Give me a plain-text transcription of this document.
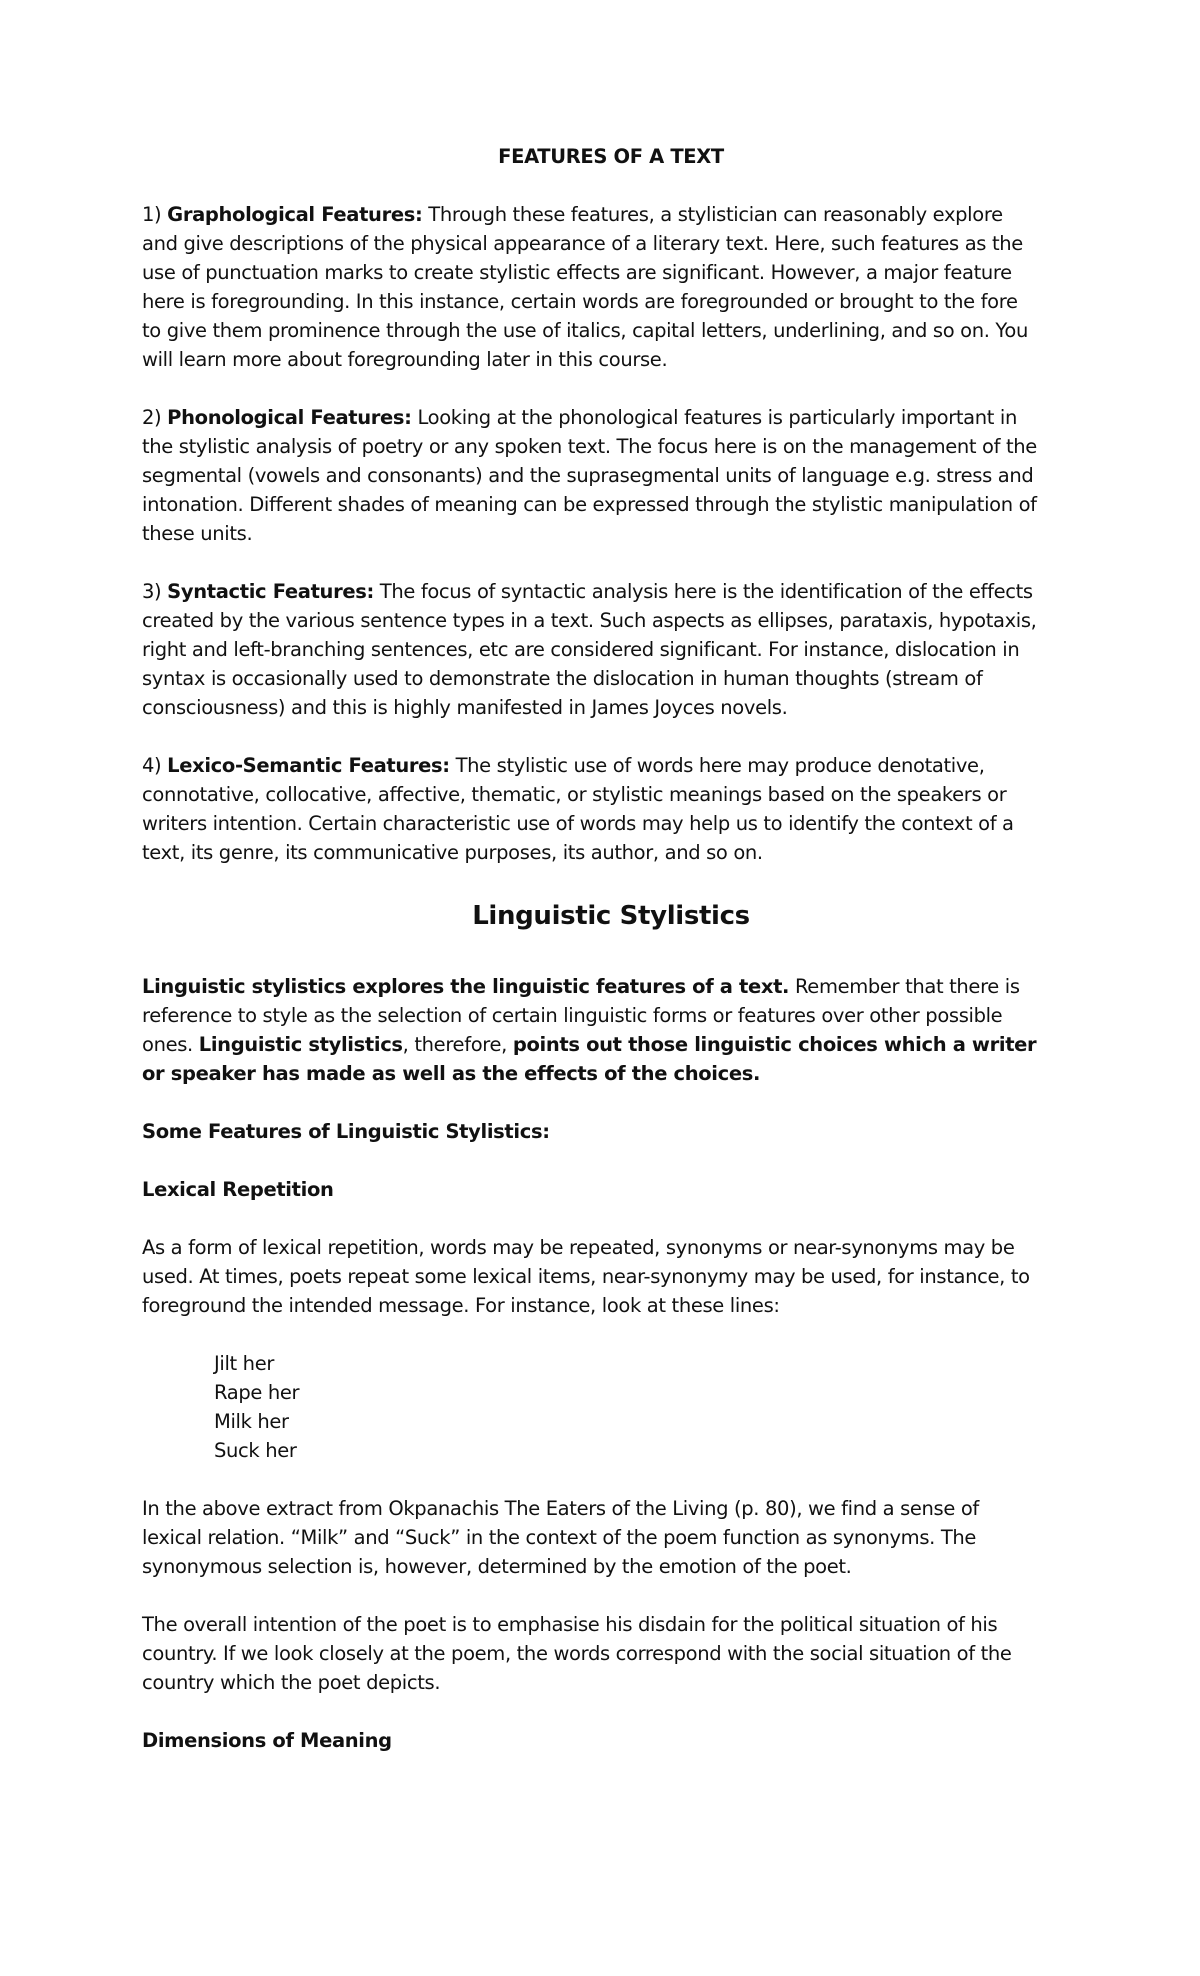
FEATURES OF A TEXT

1) Graphological Features: Through these features, a stylistician can reasonably explore and give descriptions of the physical appearance of a literary text. Here, such features as the use of punctuation marks to create stylistic effects are significant. However, a major feature here is foregrounding. In this instance, certain words are foregrounded or brought to the fore to give them prominence through the use of italics, capital letters, underlining, and so on. You will learn more about foregrounding later in this course.

2) Phonological Features: Looking at the phonological features is particularly important in the stylistic analysis of poetry or any spoken text. The focus here is on the management of the segmental (vowels and consonants) and the suprasegmental units of language e.g. stress and intonation. Different shades of meaning can be expressed through the stylistic manipulation of these units.

3) Syntactic Features: The focus of syntactic analysis here is the identification of the effects created by the various sentence types in a text. Such aspects as ellipses, parataxis, hypotaxis, right and left-branching sentences, etc are considered significant. For instance, dislocation in syntax is occasionally used to demonstrate the dislocation in human thoughts (stream of consciousness) and this is highly manifested in James Joyces novels.

4) Lexico-Semantic Features: The stylistic use of words here may produce denotative, connotative, collocative, affective, thematic, or stylistic meanings based on the speakers or writers intention. Certain characteristic use of words may help us to identify the context of a text, its genre, its communicative purposes, its author, and so on.

Linguistic Stylistics

Linguistic stylistics explores the linguistic features of a text. Remember that there is reference to style as the selection of certain linguistic forms or features over other possible ones. Linguistic stylistics, therefore, points out those linguistic choices which a writer or speaker has made as well as the effects of the choices.

Some Features of Linguistic Stylistics:
Lexical Repetition

As a form of lexical repetition, words may be repeated, synonyms or near-synonyms may be used. At times, poets repeat some lexical items, near-synonymy may be used, for instance, to foreground the intended message. For instance, look at these lines:

Jilt her
Rape her
Milk her
Suck her

In the above extract from Okpanachis The Eaters of the Living (p. 80), we find a sense of lexical relation. “Milk” and “Suck” in the context of the poem function as synonyms. The synonymous selection is, however, determined by the emotion of the poet.

The overall intention of the poet is to emphasise his disdain for the political situation of his country. If we look closely at the poem, the words correspond with the social situation of the country which the poet depicts.

Dimensions of Meaning
